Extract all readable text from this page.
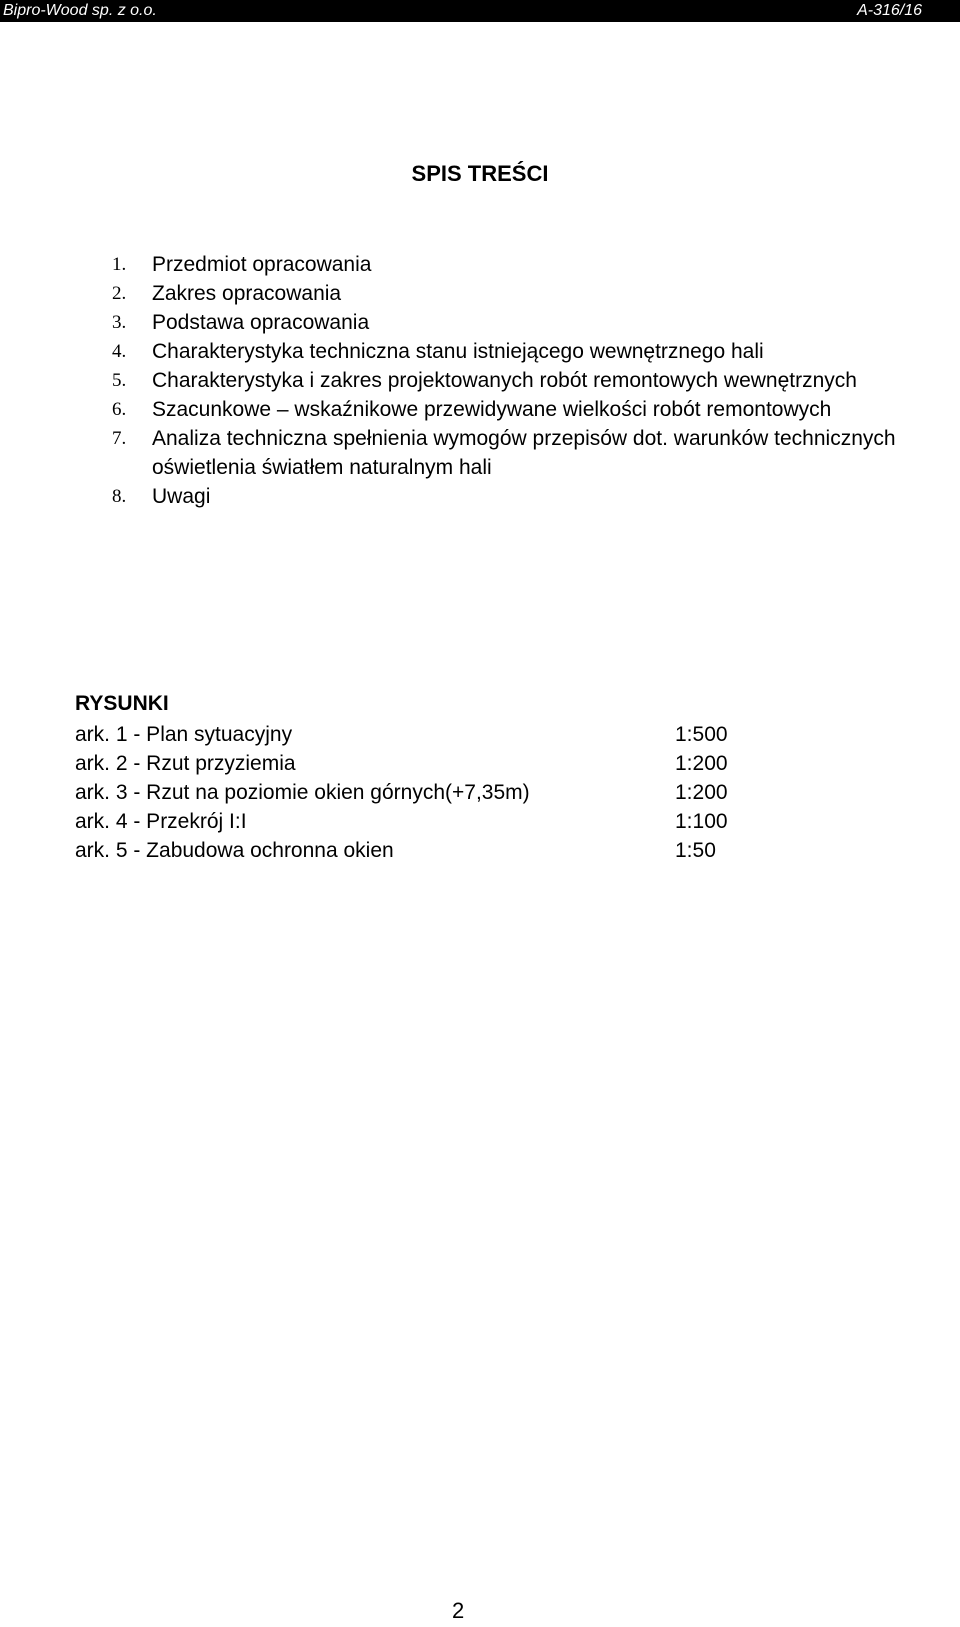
Bipro-Wood sp. z o.o.	A-316/16
SPIS TREŚCI
1. Przedmiot opracowania
2. Zakres opracowania
3. Podstawa opracowania
4. Charakterystyka techniczna stanu istniejącego wewnętrznego hali
5. Charakterystyka i zakres projektowanych robót remontowych wewnętrznych
6. Szacunkowe – wskaźnikowe przewidywane wielkości robót remontowych
7. Analiza techniczna spełnienia wymogów przepisów dot. warunków technicznych oświetlenia światłem naturalnym hali
8. Uwagi
RYSUNKI
ark. 1 - Plan sytuacyjny	1:500
ark. 2 - Rzut przyziemia	1:200
ark. 3 - Rzut na poziomie okien górnych(+7,35m)	1:200
ark. 4 - Przekrój I:I	1:100
ark. 5 - Zabudowa ochronna okien	1:50
2
